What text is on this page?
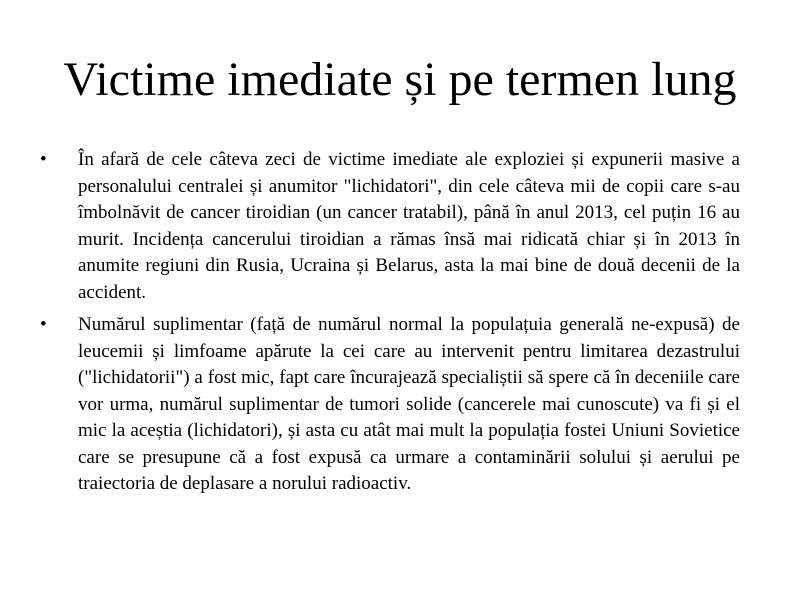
Victime imediate și pe termen lung
• În afară de cele câteva zeci de victime imediate ale exploziei și expunerii masive a personalului centralei și anumitor "lichidatori", din cele câteva mii de copii care s-au îmbolnăvit de cancer tiroidian (un cancer tratabil), până în anul 2013, cel puțin 16 au murit. Incidența cancerului tiroidian a rămas însă mai ridicată chiar și în 2013 în anumite regiuni din Rusia, Ucraina și Belarus, asta la mai bine de două decenii de la accident.
• Numărul suplimentar (față de numărul normal la populațuia generală ne-expusă) de leucemii și limfoame apărute la cei care au intervenit pentru limitarea dezastrului ("lichidatorii") a fost mic, fapt care încurajează specialiștii să spere că în deceniile care vor urma, numărul suplimentar de tumori solide (cancerele mai cunoscute) va fi și el mic la aceștia (lichidatori), și asta cu atât mai mult la populația fostei Uniuni Sovietice care se presupune că a fost expusă ca urmare a contaminării solului și aerului pe traiectoria de deplasare a norului radioactiv.
